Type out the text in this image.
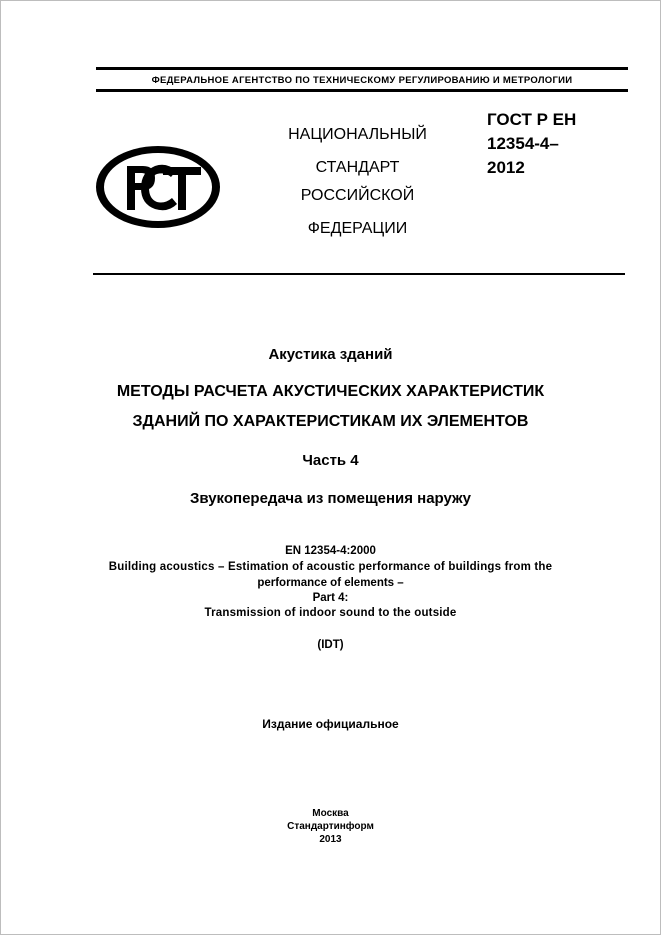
ФЕДЕРАЛЬНОЕ АГЕНТСТВО ПО ТЕХНИЧЕСКОМУ РЕГУЛИРОВАНИЮ И МЕТРОЛОГИИ
НАЦИОНАЛЬНЫЙ
СТАНДАРТ
РОССИЙСКОЙ
ФЕДЕРАЦИИ
ГОСТ Р ЕН
12354-4–
2012
Акустика зданий
МЕТОДЫ РАСЧЕТА АКУСТИЧЕСКИХ ХАРАКТЕРИСТИК
ЗДАНИЙ ПО ХАРАКТЕРИСТИКАМ ИХ ЭЛЕМЕНТОВ
Часть 4
Звукопередача из помещения наружу
EN 12354-4:2000
Building acoustics – Estimation of acoustic performance of buildings from the
performance of elements –
Part 4:
Transmission of indoor sound to the outside
(IDT)
Издание официальное
Москва
Стандартинформ
2013
